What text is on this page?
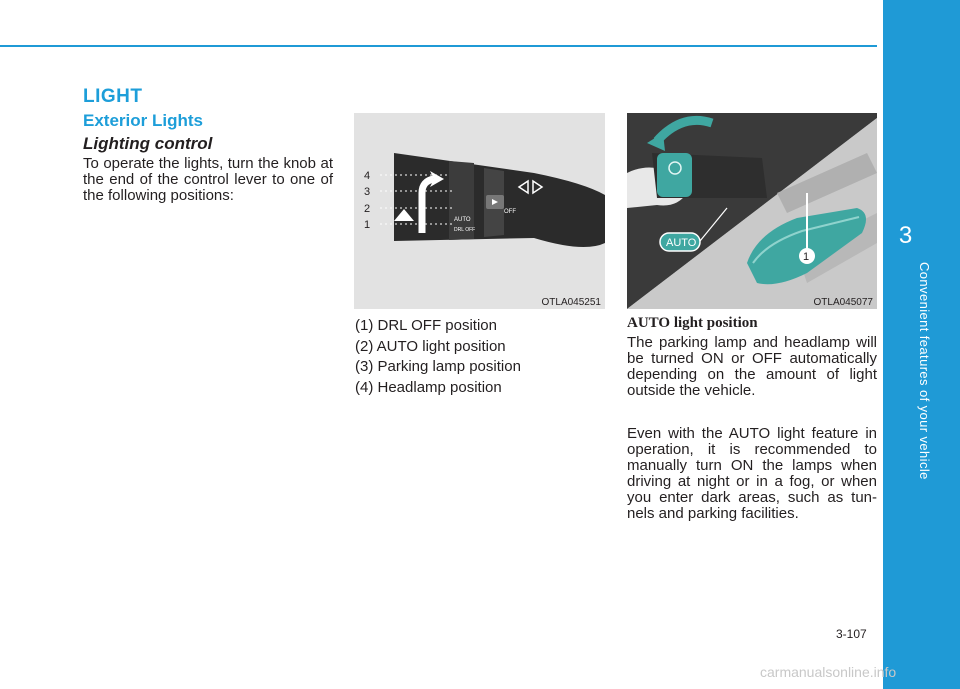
LIGHT
Exterior Lights
Lighting control

To operate the lights, turn the knob at the end of the control lever to one of the following positions:

AUTO
OFF
DRL OFF
4
3
2
1
OTLA045251
(1) DRL OFF position
(2) AUTO light position
(3) Parking lamp position
(4) Headlamp position
1
AUTO
OTLA045077
AUTO light position

The parking lamp and headlamp will be turned ON or OFF automatically depending on the amount of light outside the vehicle.

Even with the AUTO light feature in operation, it is recommended to manually turn ON the lamps when driving at night or in a fog, or when you enter dark areas, such as tun-nels and parking facilities.

3
Convenient features of your vehicle
3-107
carmanualsonline.info
